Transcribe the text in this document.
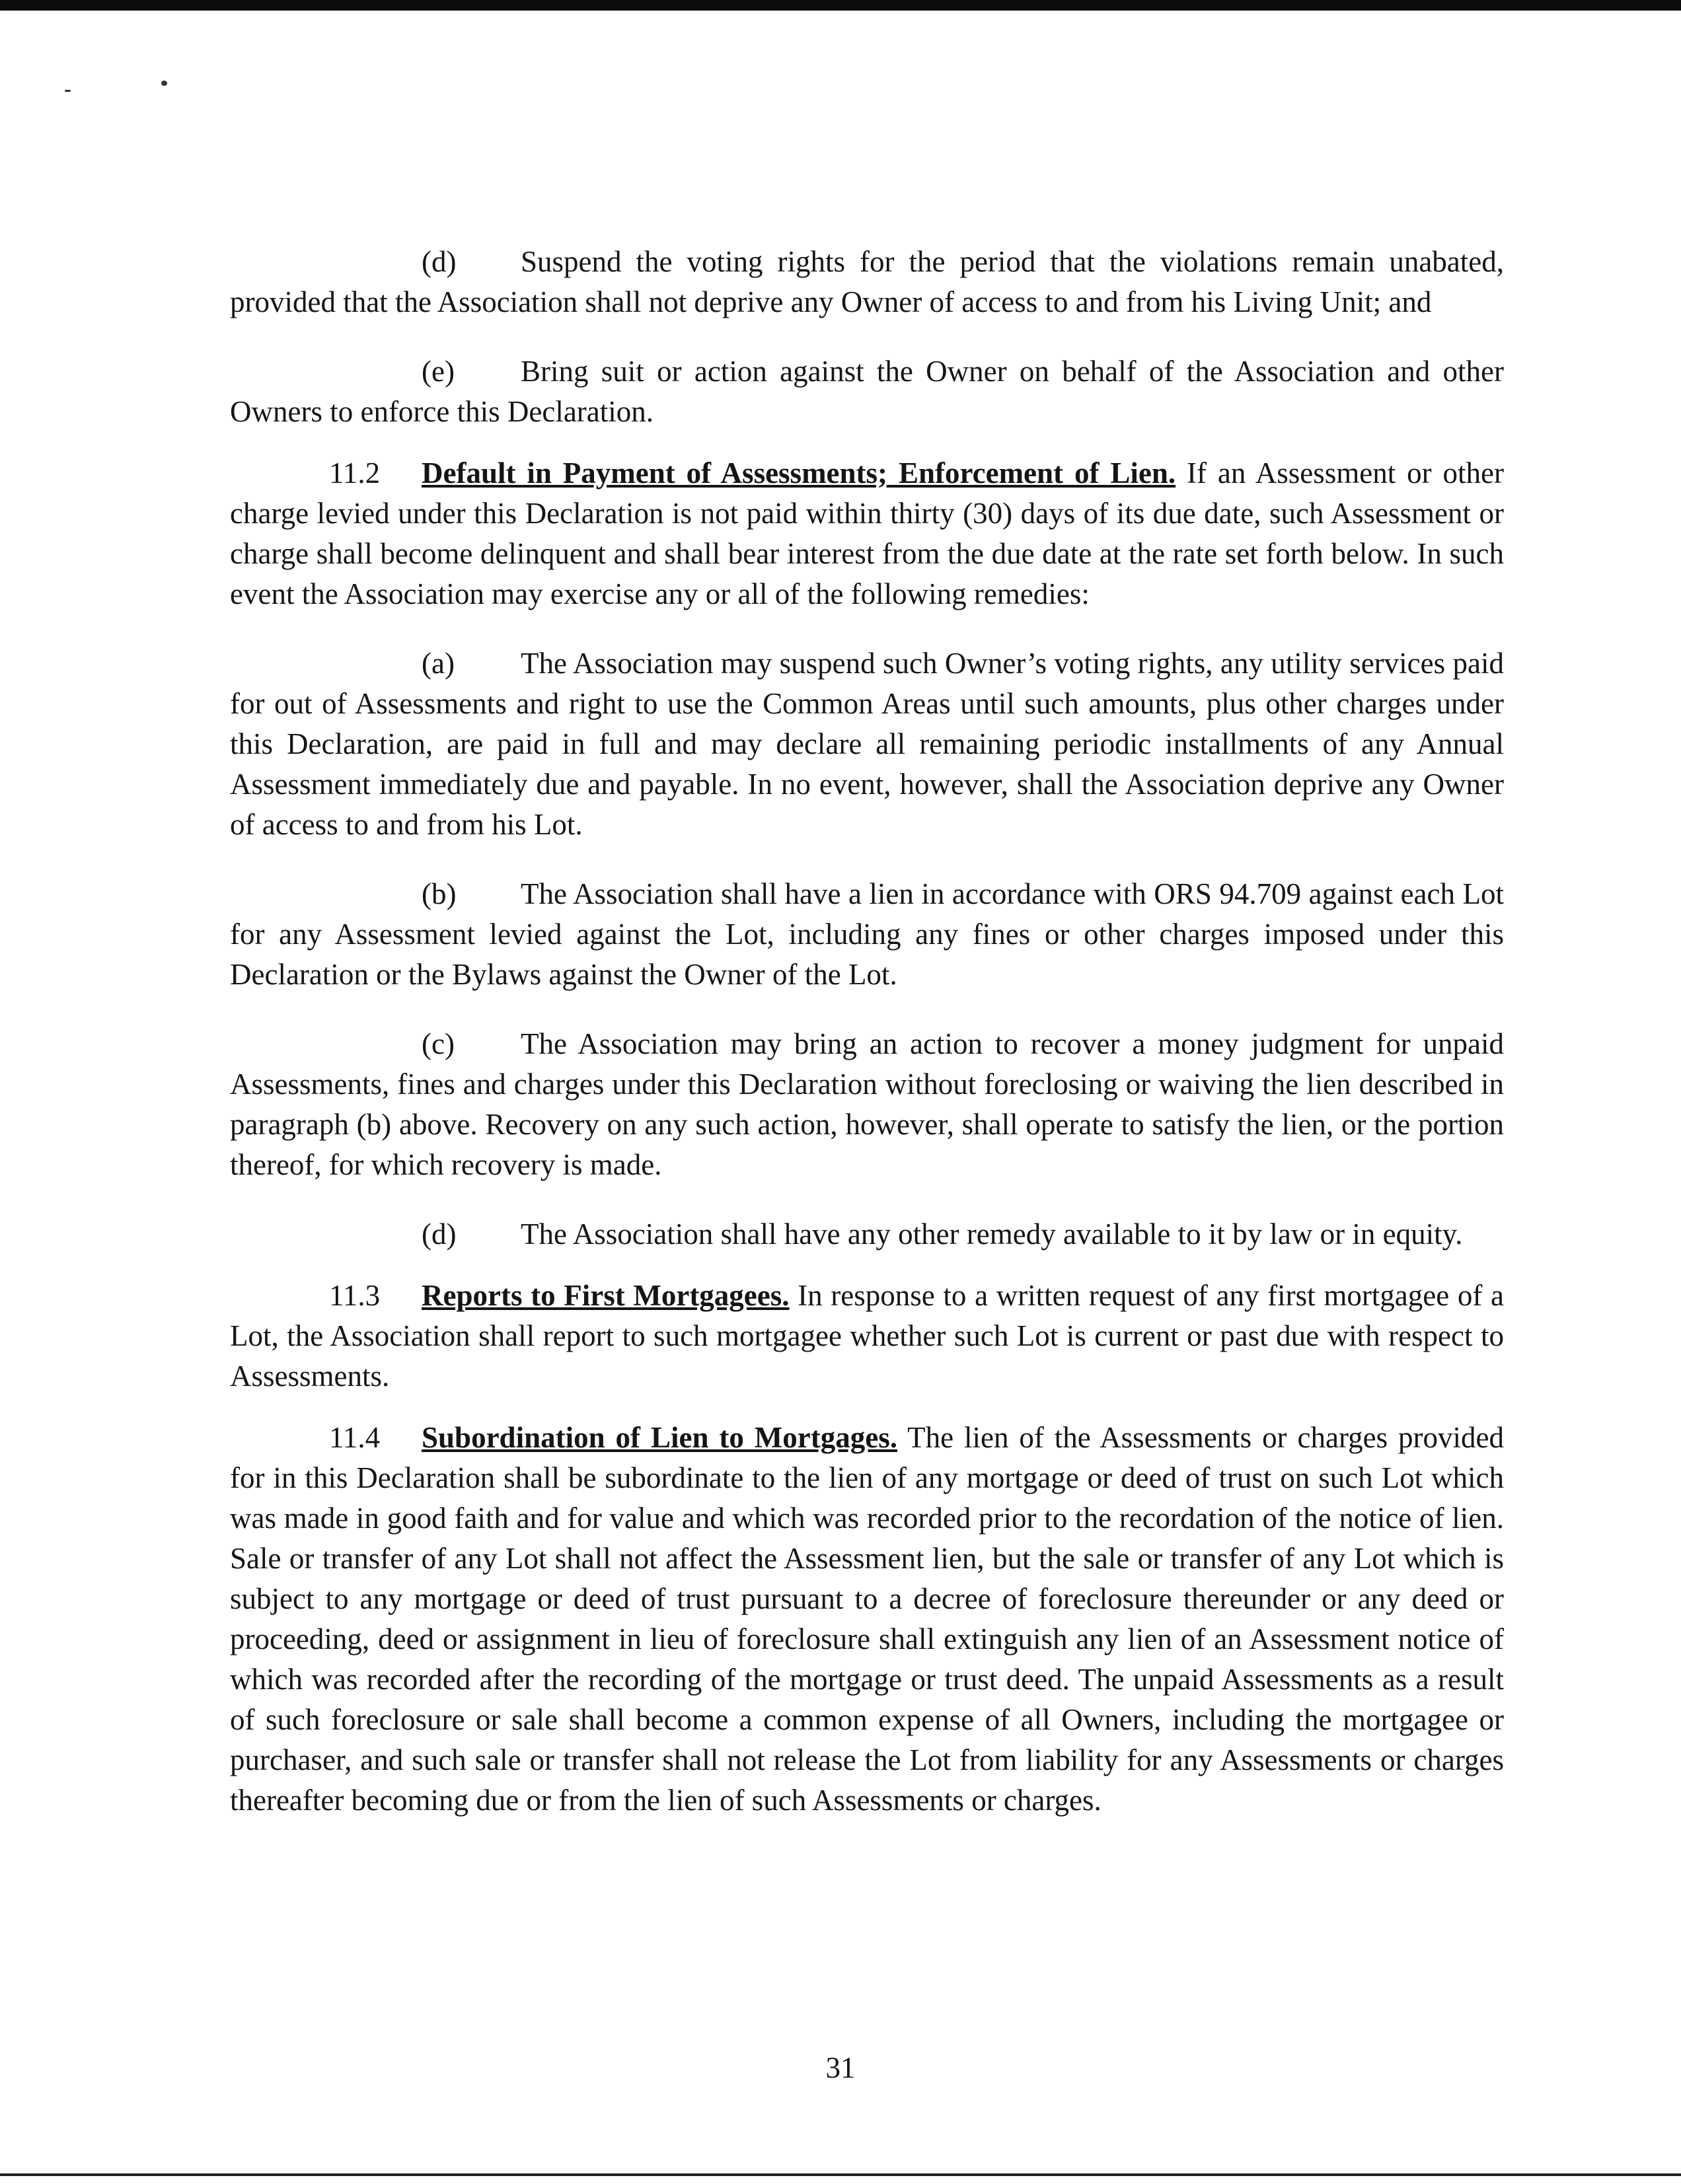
(d) Suspend the voting rights for the period that the violations remain unabated, provided that the Association shall not deprive any Owner of access to and from his Living Unit; and

(e) Bring suit or action against the Owner on behalf of the Association and other Owners to enforce this Declaration.

11.2 Default in Payment of Assessments; Enforcement of Lien. If an Assessment or other charge levied under this Declaration is not paid within thirty (30) days of its due date, such Assessment or charge shall become delinquent and shall bear interest from the due date at the rate set forth below. In such event the Association may exercise any or all of the following remedies:

(a) The Association may suspend such Owner’s voting rights, any utility services paid for out of Assessments and right to use the Common Areas until such amounts, plus other charges under this Declaration, are paid in full and may declare all remaining periodic installments of any Annual Assessment immediately due and payable. In no event, however, shall the Association deprive any Owner of access to and from his Lot.

(b) The Association shall have a lien in accordance with ORS 94.709 against each Lot for any Assessment levied against the Lot, including any fines or other charges imposed under this Declaration or the Bylaws against the Owner of the Lot.

(c) The Association may bring an action to recover a money judgment for unpaid Assessments, fines and charges under this Declaration without foreclosing or waiving the lien described in paragraph (b) above. Recovery on any such action, however, shall operate to satisfy the lien, or the portion thereof, for which recovery is made.

(d) The Association shall have any other remedy available to it by law or in equity.

11.3 Reports to First Mortgagees. In response to a written request of any first mortgagee of a Lot, the Association shall report to such mortgagee whether such Lot is current or past due with respect to Assessments.

11.4 Subordination of Lien to Mortgages. The lien of the Assessments or charges provided for in this Declaration shall be subordinate to the lien of any mortgage or deed of trust on such Lot which was made in good faith and for value and which was recorded prior to the recordation of the notice of lien. Sale or transfer of any Lot shall not affect the Assessment lien, but the sale or transfer of any Lot which is subject to any mortgage or deed of trust pursuant to a decree of foreclosure thereunder or any deed or proceeding, deed or assignment in lieu of foreclosure shall extinguish any lien of an Assessment notice of which was recorded after the recording of the mortgage or trust deed. The unpaid Assessments as a result of such foreclosure or sale shall become a common expense of all Owners, including the mortgagee or purchaser, and such sale or transfer shall not release the Lot from liability for any Assessments or charges thereafter becoming due or from the lien of such Assessments or charges.

31
